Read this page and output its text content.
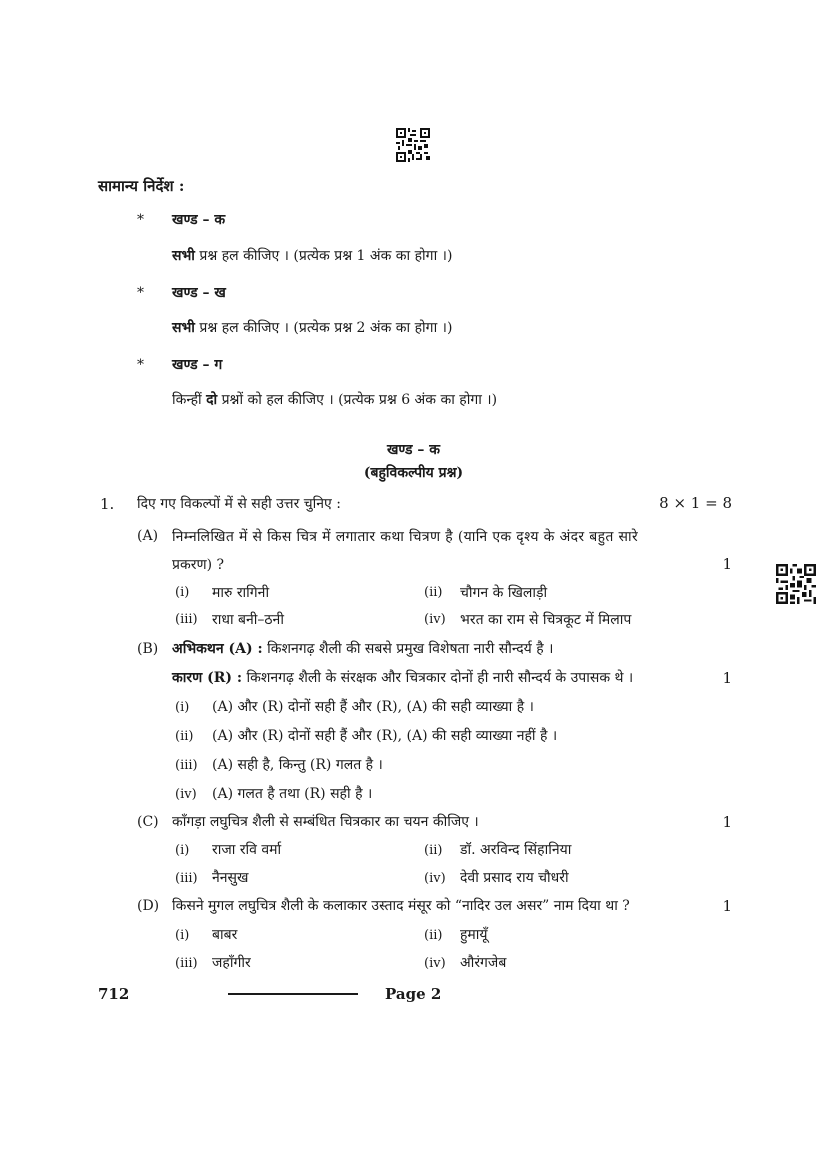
सामान्य निर्देश :
* खण्ड – क
सभी प्रश्न हल कीजिए । (प्रत्येक प्रश्न 1 अंक का होगा ।)
* खण्ड – ख
सभी प्रश्न हल कीजिए । (प्रत्येक प्रश्न 2 अंक का होगा ।)
* खण्ड – ग
किन्हीं दो प्रश्नों को हल कीजिए । (प्रत्येक प्रश्न 6 अंक का होगा ।)
खण्ड – क
(बहुविकल्पीय प्रश्न)
1. दिए गए विकल्पों में से सही उत्तर चुनिए :	8 × 1 = 8
(A) निम्नलिखित में से किस चित्र में लगातार कथा चित्रण है (यानि एक दृश्य के अंदर बहुत सारे
प्रकरण) ?	1
(i) मारु रागिनी	(ii) चौगन के खिलाड़ी
(iii) राधा बनी–ठनी	(iv) भरत का राम से चित्रकूट में मिलाप
(B) अभिकथन (A) : किशनगढ़ शैली की सबसे प्रमुख विशेषता नारी सौन्दर्य है ।
कारण (R) : किशनगढ़ शैली के संरक्षक और चित्रकार दोनों ही नारी सौन्दर्य के उपासक थे ।	1
(i) (A) और (R) दोनों सही हैं और (R), (A) की सही व्याख्या है ।
(ii) (A) और (R) दोनों सही हैं और (R), (A) की सही व्याख्या नहीं है ।
(iii) (A) सही है, किन्तु (R) गलत है ।
(iv) (A) गलत है तथा (R) सही है ।
(C) काँगड़ा लघुचित्र शैली से सम्बंधित चित्रकार का चयन कीजिए ।	1
(i) राजा रवि वर्मा	(ii) डॉ. अरविन्द सिंहानिया
(iii) नैनसुख	(iv) देवी प्रसाद राय चौधरी
(D) किसने मुगल लघुचित्र शैली के कलाकार उस्ताद मंसूर को “नादिर उल असर” नाम दिया था ?	1
(i) बाबर	(ii) हुमायूँ
(iii) जहाँगीर	(iv) औरंगजेब
712	Page 2
